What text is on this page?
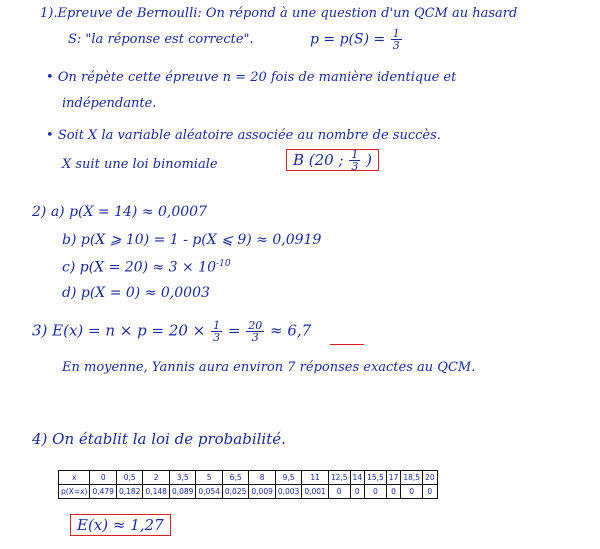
1).Epreuve de Bernoulli: On répond à une question d'un QCM au hasard
S: "la réponse est correcte".	$p = p(S) = \frac{1}{3}$
• On répète cette épreuve n = 20 fois de manière identique et
indépendante.
• Soit X la variable aléatoire associée au nombre de succès.
X suit une loi binomiale	B (20 ; $\frac{1}{3}$ )
2) a) p(X = 14) ≈ 0,0007
b) p(X ⩾ 10) = 1 - p(X ⩽ 9) ≈ 0,0919
c) $p(X = 20) \approx 3 \times 10^{-10}$
d) p(X = 0) ≈ 0,0003
3) $E(x) = n \times p = 20 \times \frac{1}{3} = \frac{20}{3} \approx 6,7$
En moyenne, Yannis aura environ 7 réponses exactes au QCM.
4) On établit la loi de probabilité.
x	0	0,5	2	3,5	5	6,5	8	9,5	11	12,5	14	15,5	17	18,5	20
p(X=x)	0,479	0,182	0,148	0,089	0,054	0,025	0,009	0,003	0,001	0	0	0	0	0	0
E(x) ≈ 1,27
